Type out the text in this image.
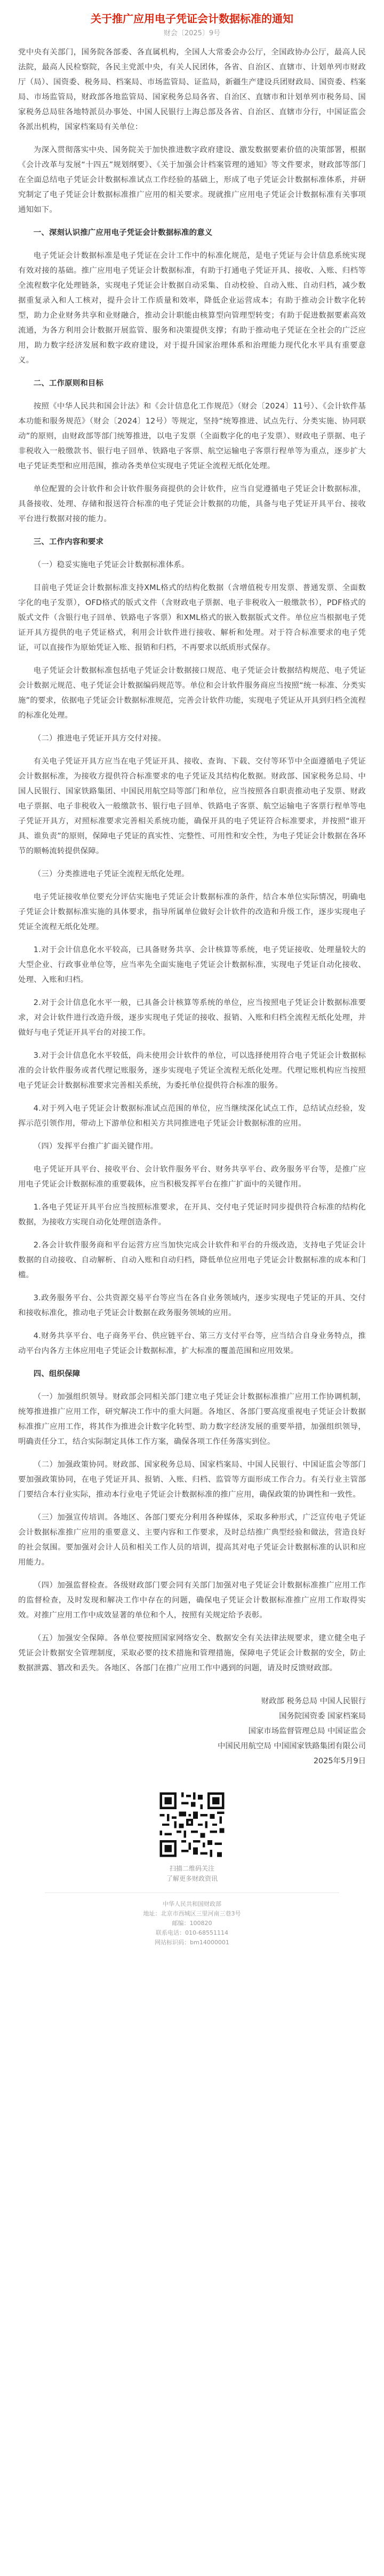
关于推广应用电子凭证会计数据标准的通知
财会〔2025〕9号

党中央有关部门，国务院各部委、各直属机构，全国人大常委会办公厅，全国政协办公厅，最高人民法院，最高人民检察院，各民主党派中央，有关人民团体，各省、自治区、直辖市、计划单列市财政厅（局）、国资委、税务局、档案局、市场监管局、证监局，新疆生产建设兵团财政局、国资委、档案局、市场监管局，财政部各地监管局、国家税务总局各省、自治区、直辖市和计划单列市税务局、国家税务总局驻各地特派员办事处、中国人民银行上海总部及各省、自治区、直辖市分行，中国证监会各派出机构，国家档案局有关单位：

为深入贯彻落实中央、国务院关于加快推进数字政府建设、激发数据要素价值的决策部署，根据《会计改革与发展“十四五”规划纲要》、《关于加强会计档案管理的通知》等文件要求，财政部等部门在全面总结电子凭证会计数据标准试点工作经验的基础上，形成了电子凭证会计数据标准体系，并研究制定了电子凭证会计数据标准推广应用的相关要求。现就推广应用电子凭证会计数据标准有关事项通知如下。

一、深刻认识推广应用电子凭证会计数据标准的意义

电子凭证会计数据标准是电子凭证在会计工作中的标准化规范，是电子凭证与会计信息系统实现有效对接的基础。推广应用电子凭证会计数据标准，有助于打通电子凭证开具、接收、入账、归档等全流程数字化处理链条，实现电子凭证会计数据自动采集、自动校验、自动入账、自动归档，减少数据重复录入和人工核对，提升会计工作质量和效率，降低企业运营成本；有助于推动会计数字化转型，助力企业财务共享和业财融合，推动会计职能由核算型向管理型转变；有助于促进数据要素高效流通，为各方利用会计数据开展监管、服务和决策提供支撑；有助于推动电子凭证在全社会的广泛应用，助力数字经济发展和数字政府建设，对于提升国家治理体系和治理能力现代化水平具有重要意义。

二、工作原则和目标

按照《中华人民共和国会计法》和《会计信息化工作规范》（财会〔2024〕11号）、《会计软件基本功能和服务规范》（财会〔2024〕12号）等规定，坚持“统筹推进、试点先行、分类实施、协同联动”的原则，由财政部等部门统筹推进，以电子发票（全面数字化的电子发票）、财政电子票据、电子非税收入一般缴款书、银行电子回单、铁路电子客票、航空运输电子客票行程单等为重点，逐步扩大电子凭证类型和应用范围，推动各类单位实现电子凭证全流程无纸化处理。

单位配置的会计软件和会计软件服务商提供的会计软件，应当自觉遵循电子凭证会计数据标准，具备接收、处理、存储和报送符合标准的电子凭证会计数据的功能，具备与电子凭证开具平台、接收平台进行数据对接的能力。

三、工作内容和要求

（一）稳妥实施电子凭证会计数据标准体系。

目前电子凭证会计数据标准支持XML格式的结构化数据（含增值税专用发票、普通发票、全面数字化的电子发票），OFD格式的版式文件（含财政电子票据、电子非税收入一般缴款书），PDF格式的版式文件（含银行电子回单、铁路电子客票）和XML格式的嵌入数据版式文件。单位应当根据电子凭证开具方提供的电子凭证格式，利用会计软件进行接收、解析和处理。对于符合标准要求的电子凭证，可以直接作为原始凭证入账、报销和归档，不再要求以纸质形式保存。

电子凭证会计数据标准包括电子凭证会计数据接口规范、电子凭证会计数据结构规范、电子凭证会计数据元规范、电子凭证会计数据编码规范等。单位和会计软件服务商应当按照“统一标准、分类实施”的要求，依据电子凭证会计数据标准规范，完善会计软件功能，实现电子凭证从开具到归档全流程的标准化处理。

（二）推进电子凭证开具方交付对接。

有关电子凭证开具方应当在电子凭证开具、接收、查询、下载、交付等环节中全面遵循电子凭证会计数据标准，为接收方提供符合标准要求的电子凭证及其结构化数据。财政部、国家税务总局、中国人民银行、国家铁路集团、中国民用航空局等部门和单位，应当按照各自职责推动电子发票、财政电子票据、电子非税收入一般缴款书、银行电子回单、铁路电子客票、航空运输电子客票行程单等电子凭证开具方，对照标准要求完善相关系统功能，确保开具的电子凭证符合标准要求，并按照“谁开具、谁负责”的原则，保障电子凭证的真实性、完整性、可用性和安全性，为电子凭证会计数据在各环节的顺畅流转提供保障。

（三）分类推进电子凭证全流程无纸化处理。

电子凭证接收单位要充分评估实施电子凭证会计数据标准的条件，结合本单位实际情况，明确电子凭证会计数据标准实施的具体要求，指导所属单位做好会计软件的改造和升级工作，逐步实现电子凭证全流程无纸化处理。

1.对于会计信息化水平较高，已具备财务共享、会计核算等系统，电子凭证接收、处理量较大的大型企业、行政事业单位等，应当率先全面实施电子凭证会计数据标准，实现电子凭证自动化接收、处理、入账和归档。

2.对于会计信息化水平一般，已具备会计核算等系统的单位，应当按照电子凭证会计数据标准要求，对会计软件进行改造升级，逐步实现电子凭证的接收、报销、入账和归档全流程无纸化处理，并做好与电子凭证开具平台的对接工作。

3.对于会计信息化水平较低，尚未使用会计软件的单位，可以选择使用符合电子凭证会计数据标准的会计软件服务或者代理记账服务，逐步实现电子凭证全流程无纸化处理。代理记账机构应当按照电子凭证会计数据标准要求完善相关系统，为委托单位提供符合标准的服务。

4.对于列入电子凭证会计数据标准试点范围的单位，应当继续深化试点工作，总结试点经验，发挥示范引领作用，带动上下游单位和相关方共同推进电子凭证会计数据标准的应用。

（四）发挥平台推广扩面关键作用。

电子凭证开具平台、接收平台、会计软件服务平台、财务共享平台、政务服务平台等，是推广应用电子凭证会计数据标准的重要载体，应当积极发挥平台在推广扩面中的关键作用。

1.各电子凭证开具平台应当按照标准要求，在开具、交付电子凭证时同步提供符合标准的结构化数据，为接收方实现自动化处理创造条件。

2.各会计软件服务商和平台运营方应当加快完成会计软件和平台的升级改造，支持电子凭证会计数据的自动接收、自动解析、自动入账和自动归档，降低单位应用电子凭证会计数据标准的成本和门槛。

3.政务服务平台、公共资源交易平台等应当在各自业务领域内，逐步实现电子凭证的开具、交付和接收标准化，推动电子凭证会计数据在政务服务领域的应用。

4.财务共享平台、电子商务平台、供应链平台、第三方支付平台等，应当结合自身业务特点，推动平台内各方主体应用电子凭证会计数据标准，扩大标准的覆盖范围和应用效果。

四、组织保障

（一）加强组织领导。财政部会同相关部门建立电子凭证会计数据标准推广应用工作协调机制，统筹推进推广应用工作，研究解决工作中的重大问题。各地区、各部门要高度重视电子凭证会计数据标准推广应用工作，将其作为推进会计数字化转型、助力数字经济发展的重要举措，加强组织领导，明确责任分工，结合实际制定具体工作方案，确保各项工作任务落实到位。

（二）加强政策协同。财政部、国家税务总局、国家档案局、中国人民银行、中国证监会等部门要加强政策协同，在电子凭证开具、报销、入账、归档、监管等方面形成工作合力。有关行业主管部门要结合本行业实际，推动本行业电子凭证会计数据标准的推广应用，确保政策的协调性和一致性。

（三）加强宣传培训。各地区、各部门要充分利用各种媒体，采取多种形式，广泛宣传电子凭证会计数据标准推广应用的重要意义、主要内容和工作要求，及时总结推广典型经验和做法，营造良好的社会氛围。要加强对会计人员和相关工作人员的培训，提高其对电子凭证会计数据标准的认识和应用能力。

（四）加强监督检查。各级财政部门要会同有关部门加强对电子凭证会计数据标准推广应用工作的监督检查，及时发现和解决工作中存在的问题，确保电子凭证会计数据标准推广应用工作取得实效。对推广应用工作中成效显著的单位和个人，按照有关规定给予表彰。

（五）加强安全保障。各单位要按照国家网络安全、数据安全有关法律法规要求，建立健全电子凭证会计数据安全管理制度，采取必要的技术措施和管理措施，保障电子凭证会计数据的安全，防止数据泄露、篡改和丢失。各地区、各部门在推广应用工作中遇到的问题，请及时反馈财政部。

财政部 税务总局 中国人民银行
国务院国资委 国家档案局
国家市场监督管理总局 中国证监会
中国民用航空局 中国国家铁路集团有限公司
2025年5月9日
扫描二维码关注
了解更多财政资讯
中华人民共和国财政部
地址：北京市西城区三里河南三巷3号
邮编：100820
联系电话：010-68551114
网站标识码：bm14000001
